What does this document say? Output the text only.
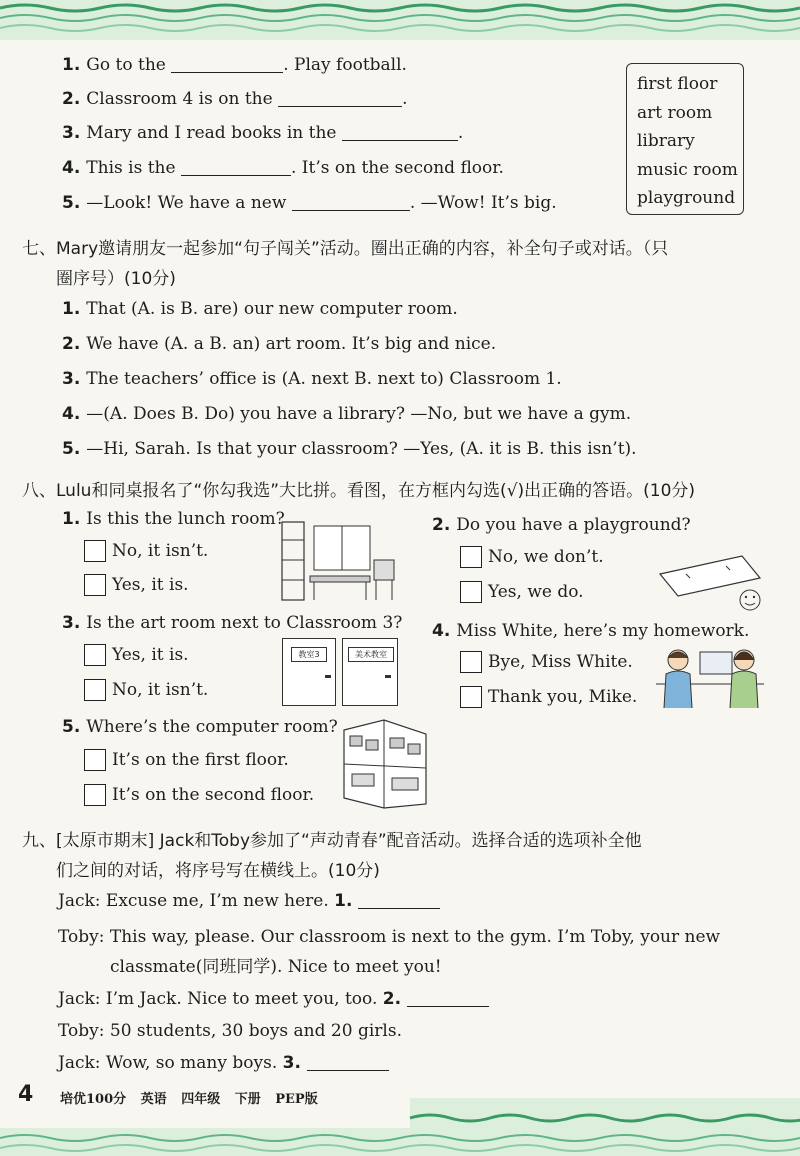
1. Go to the	. Play football.
2. Classroom 4 is on the	.
3. Mary and I read books in the	.
4. This is the	. It’s on the second floor.
5. —Look! We have a new	. —Wow! It’s big.
first floor
art room
library
music room
playground
七、Mary邀请朋友一起参加“句子闯关”活动。圈出正确的内容，补全句子或对话。（只
圈序号）(10分)
1. That (A. is B. are) our new computer room.
2. We have (A. a B. an) art room. It’s big and nice.
3. The teachers’ office is (A. next B. next to) Classroom 1.
4. —(A. Does B. Do) you have a library? —No, but we have a gym.
5. —Hi, Sarah. Is that your classroom? —Yes, (A. it is B. this isn’t).
八、Lulu和同桌报名了“你勾我选”大比拼。看图，在方框内勾选(√)出正确的答语。(10分)
1. Is this the lunch room?
No, it isn’t.
Yes, it is.
2. Do you have a playground?
No, we don’t.
Yes, we do.
3. Is the art room next to Classroom 3?
Yes, it is.
No, it isn’t.
教室3	美术教室
4. Miss White, here’s my homework.
Bye, Miss White.
Thank you, Mike.
5. Where’s the computer room?
It’s on the first floor.
It’s on the second floor.
九、[太原市期末] Jack和Toby参加了“声动青春”配音活动。选择合适的选项补全他
们之间的对话，将序号写在横线上。(10分)
Jack: Excuse me, I’m new here. 1.
Toby: This way, please. Our classroom is next to the gym. I’m Toby, your new
classmate(同班同学). Nice to meet you!
Jack: I’m Jack. Nice to meet you, too. 2.
Toby: 50 students, 30 boys and 20 girls.
Jack: Wow, so many boys. 3.
4 培优100分 英语 四年级 下册 PEP版
